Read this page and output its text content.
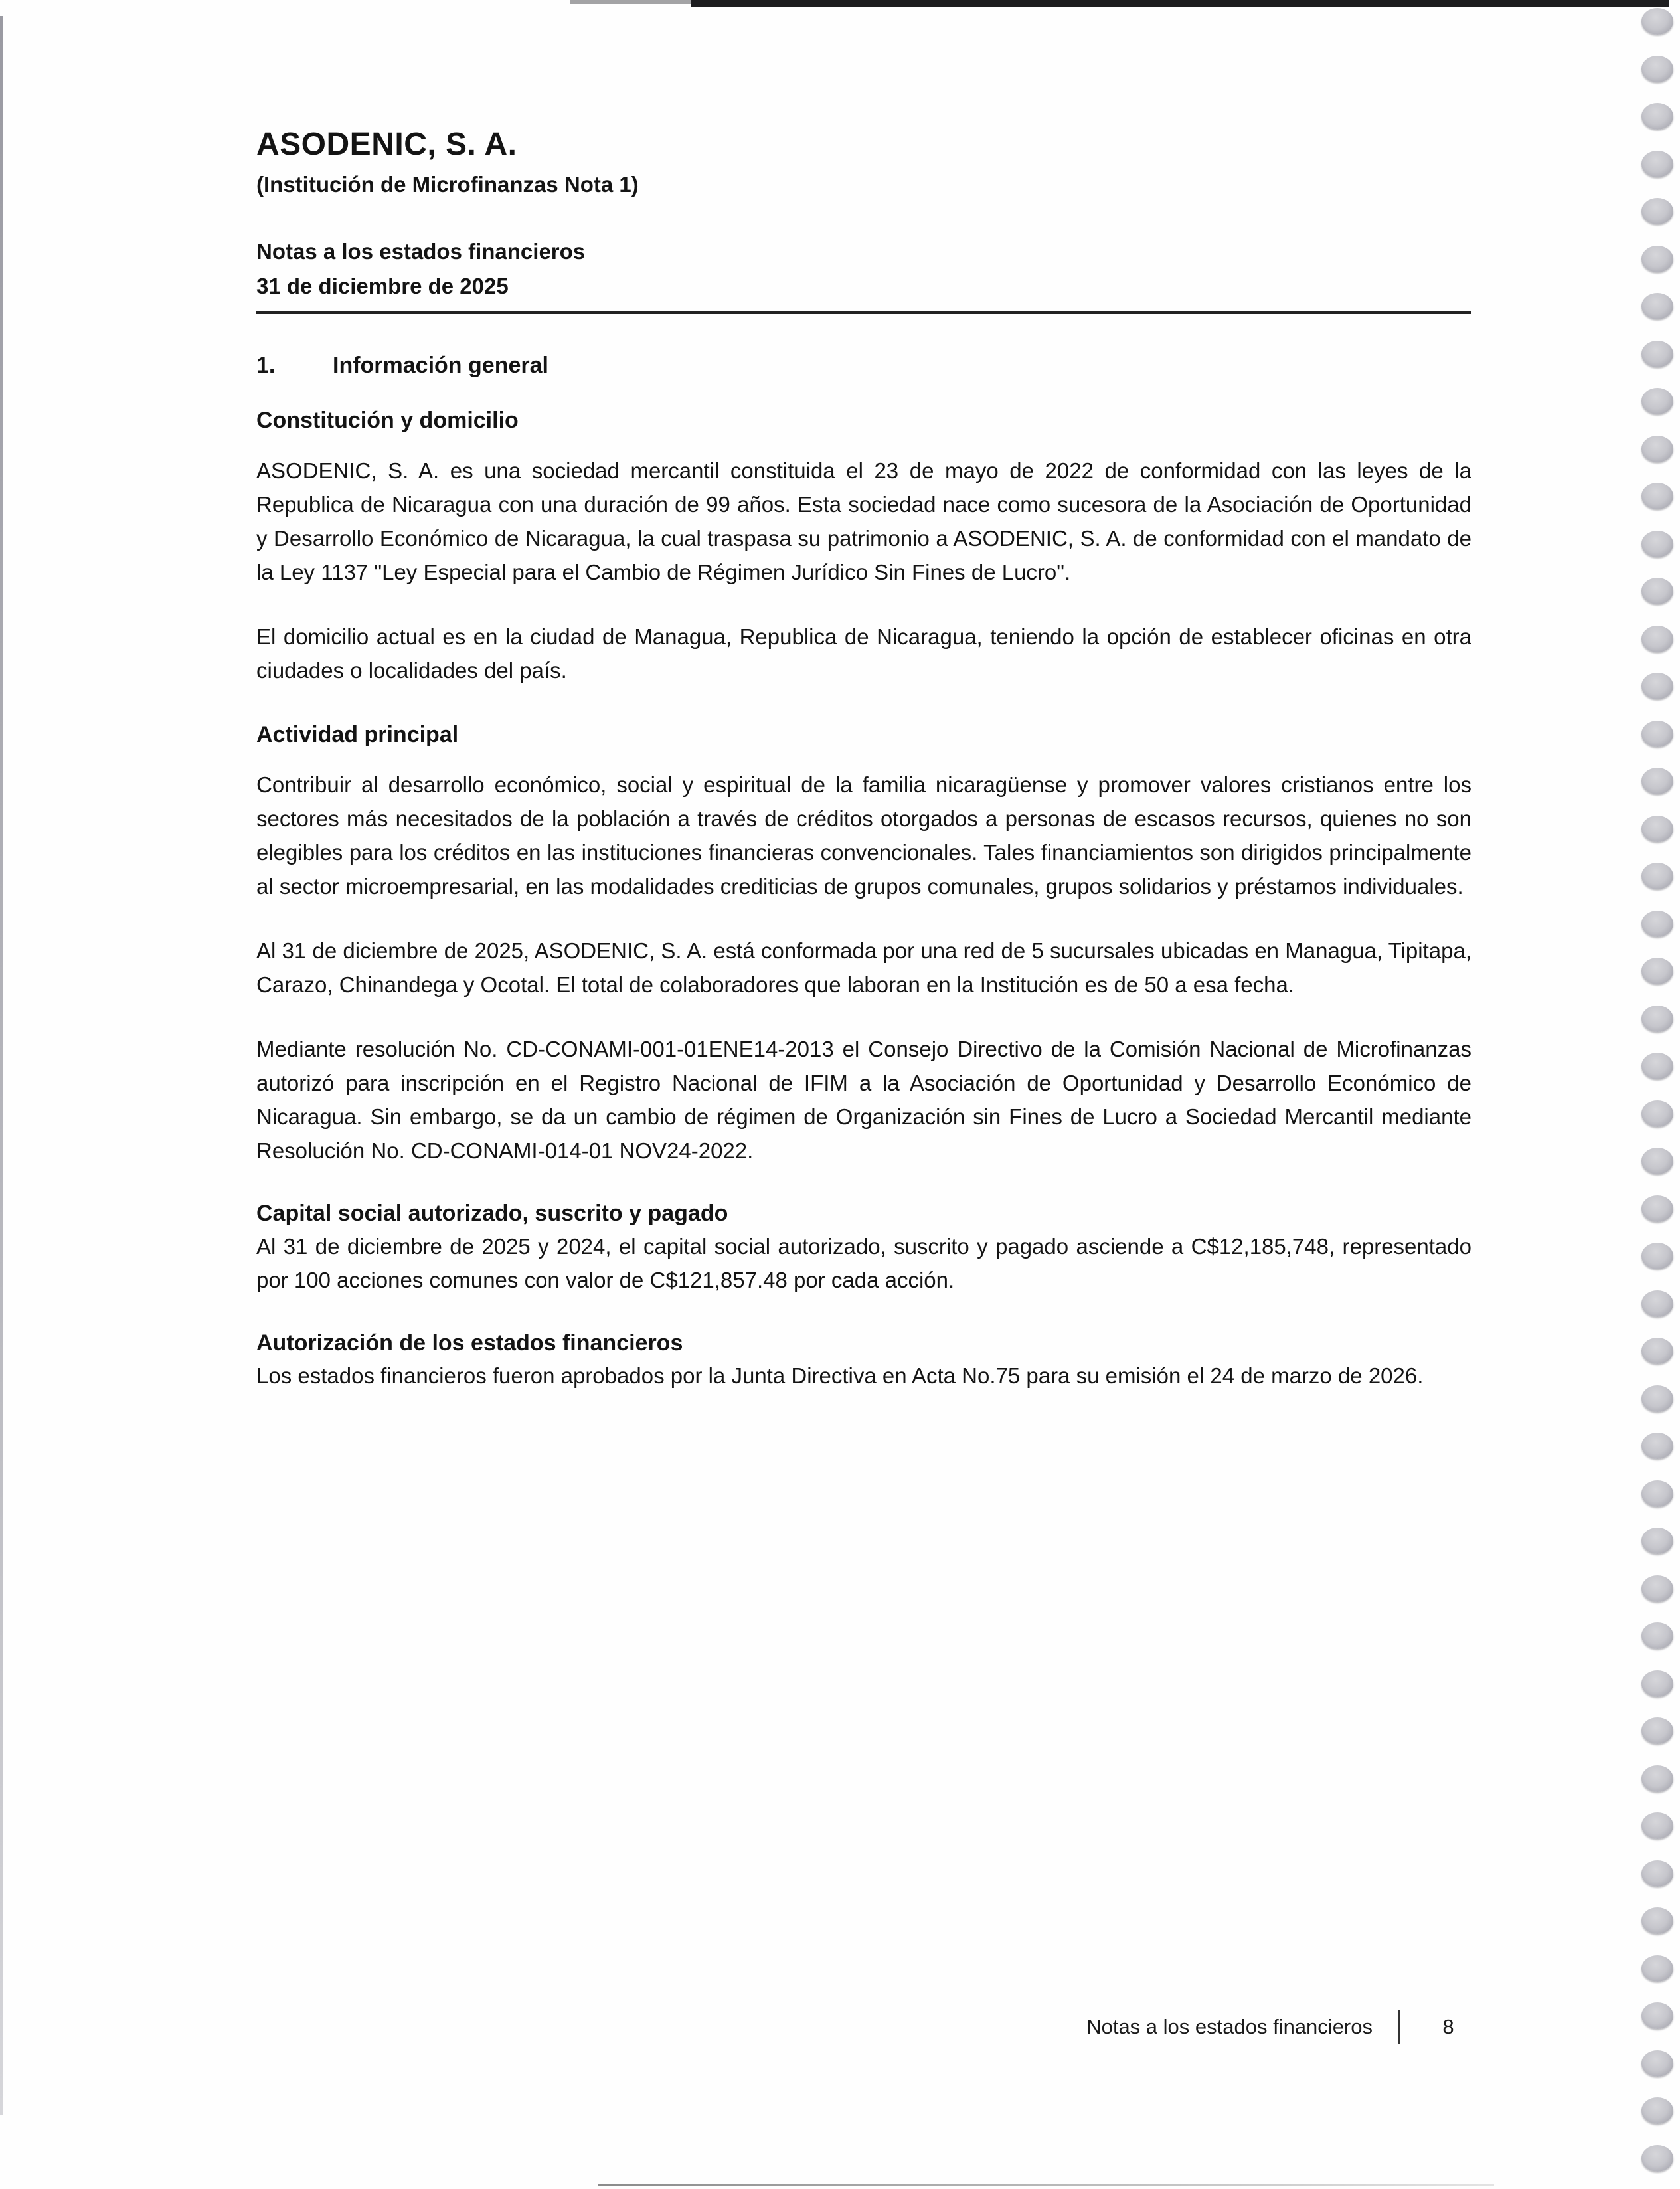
ASODENIC, S. A.
(Institución de Microfinanzas Nota 1)
Notas a los estados financieros
31 de diciembre de 2025
1.	Información general
Constitución y domicilio

ASODENIC, S. A. es una sociedad mercantil constituida el 23 de mayo de 2022 de conformidad con las leyes de la Republica de Nicaragua con una duración de 99 años. Esta sociedad nace como sucesora de la Asociación de Oportunidad y Desarrollo Económico de Nicaragua, la cual traspasa su patrimonio a ASODENIC, S. A. de conformidad con el mandato de la Ley 1137 "Ley Especial para el Cambio de Régimen Jurídico Sin Fines de Lucro".

El domicilio actual es en la ciudad de Managua, Republica de Nicaragua, teniendo la opción de establecer oficinas en otra ciudades o localidades del país.

Actividad principal

Contribuir al desarrollo económico, social y espiritual de la familia nicaragüense y promover valores cristianos entre los sectores más necesitados de la población a través de créditos otorgados a personas de escasos recursos, quienes no son elegibles para los créditos en las instituciones financieras convencionales. Tales financiamientos son dirigidos principalmente al sector microempresarial, en las modalidades crediticias de grupos comunales, grupos solidarios y préstamos individuales.

Al 31 de diciembre de 2025, ASODENIC, S. A. está conformada por una red de 5 sucursales ubicadas en Managua, Tipitapa, Carazo, Chinandega y Ocotal. El total de colaboradores que laboran en la Institución es de 50 a esa fecha.

Mediante resolución No. CD-CONAMI-001-01ENE14-2013 el Consejo Directivo de la Comisión Nacional de Microfinanzas autorizó para inscripción en el Registro Nacional de IFIM a la Asociación de Oportunidad y Desarrollo Económico de Nicaragua. Sin embargo, se da un cambio de régimen de Organización sin Fines de Lucro a Sociedad Mercantil mediante Resolución No. CD-CONAMI-014-01 NOV24-2022.

Capital social autorizado, suscrito y pagado

Al 31 de diciembre de 2025 y 2024, el capital social autorizado, suscrito y pagado asciende a C$12,185,748, representado por 100 acciones comunes con valor de C$121,857.48 por cada acción.

Autorización de los estados financieros

Los estados financieros fueron aprobados por la Junta Directiva en Acta No.75 para su emisión el 24 de marzo de 2026.

Notas a los estados financieros	8
